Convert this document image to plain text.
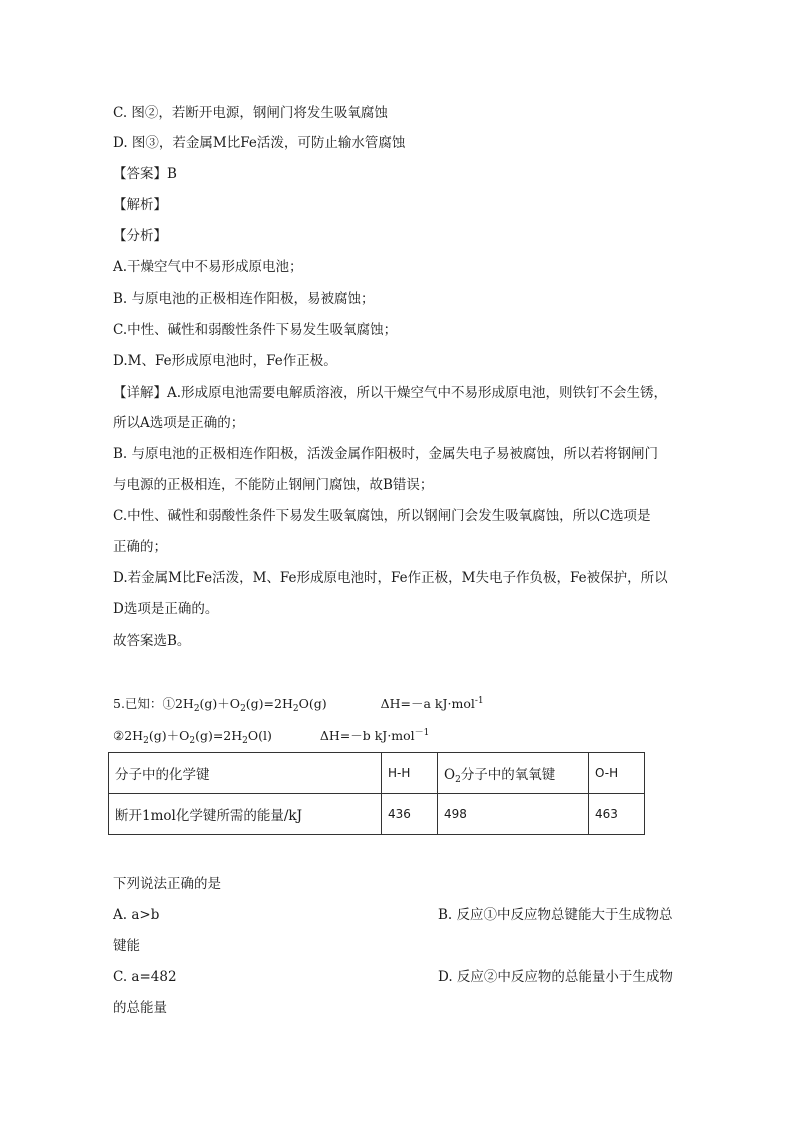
C. 图②，若断开电源，钢闸门将发生吸氧腐蚀
D. 图③，若金属M比Fe活泼，可防止输水管腐蚀
【答案】B
【解析】
【分析】
A.干燥空气中不易形成原电池；
B. 与原电池的正极相连作阳极，易被腐蚀；
C.中性、碱性和弱酸性条件下易发生吸氧腐蚀；
D.M、Fe形成原电池时，Fe作正极。
【详解】A.形成原电池需要电解质溶液，所以干燥空气中不易形成原电池，则铁钉不会生锈，
所以A选项是正确的；
B. 与原电池的正极相连作阳极，活泼金属作阳极时，金属失电子易被腐蚀，所以若将钢闸门
与电源的正极相连，不能防止钢闸门腐蚀，故B错误；
C.中性、碱性和弱酸性条件下易发生吸氧腐蚀，所以钢闸门会发生吸氧腐蚀，所以C选项是
正确的；
D.若金属M比Fe活泼，M、Fe形成原电池时，Fe作正极，M失电子作负极，Fe被保护，所以
D选项是正确的。
故答案选B。
5.已知：$①2H_2(g)+O_2(g)=2H_2O(g)$	ΔH=－a kJ·mol$^{-1}$
$②2H_2(g)+O_2(g)=2H_2O(l)$	ΔH=－b kJ·mol$^{-1}$
分子中的化学键	H-H	$O_2$分子中的氧氧键	O-H
断开1mol化学键所需的能量/kJ	436	498	463
下列说法正确的是
A. a>b	B. 反应①中反应物总键能大于生成物总
键能
C. a=482	D. 反应②中反应物的总能量小于生成物
的总能量
